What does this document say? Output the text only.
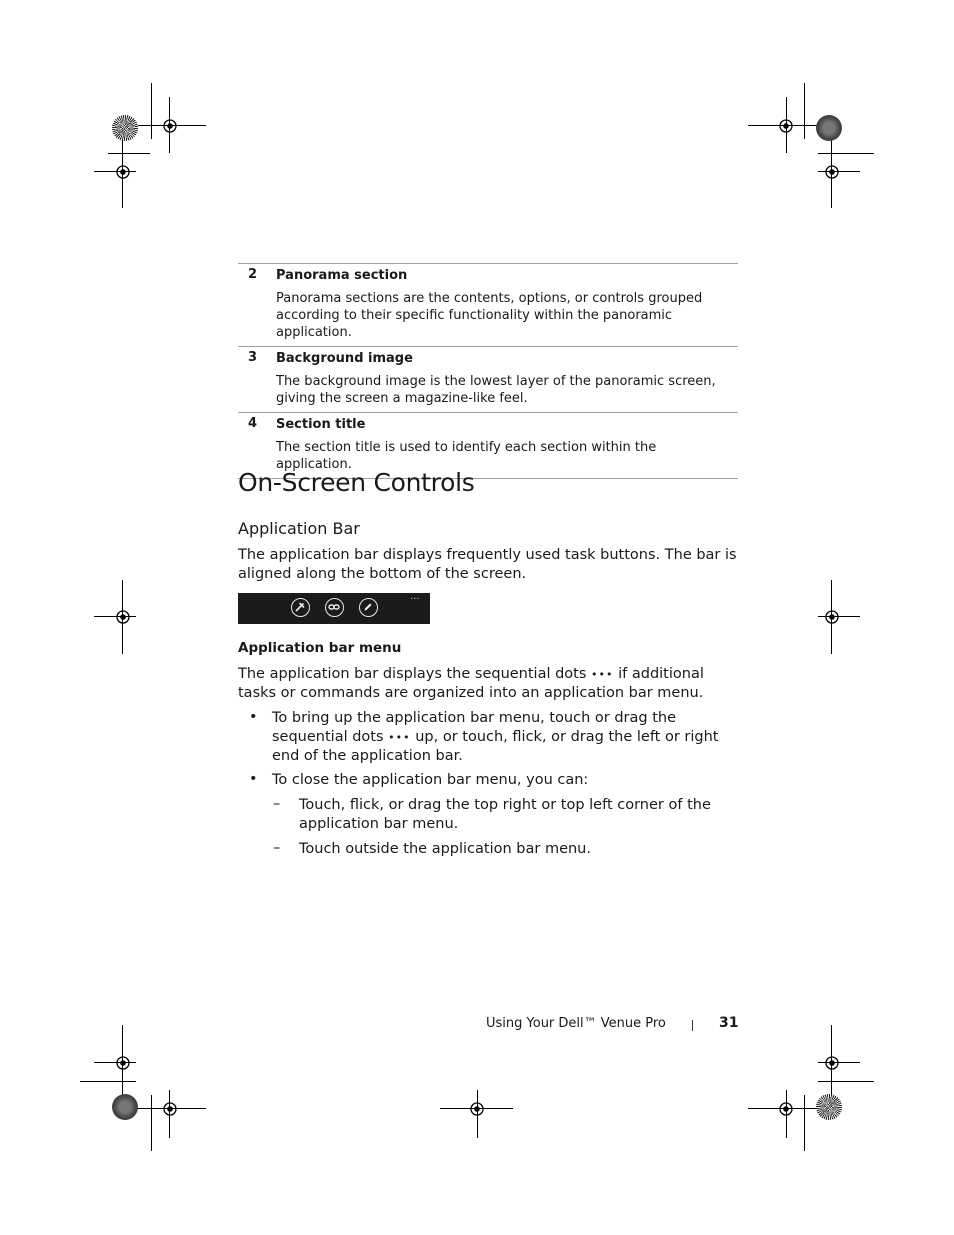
2 Panorama section
Panorama sections are the contents, options, or controls grouped according to their specific functionality within the panoramic application.
3 Background image
The background image is the lowest layer of the panoramic screen, giving the screen a magazine-like feel.
4 Section title
The section title is used to identify each section within the application.
On-Screen Controls
Application Bar
The application bar displays frequently used task buttons. The bar is aligned along the bottom of the screen.
···
Application bar menu
The application bar displays the sequential dots ••• if additional tasks or commands are organized into an application bar menu.
• To bring up the application bar menu, touch or drag the sequential dots ••• up, or touch, flick, or drag the left or right end of the application bar.
• To close the application bar menu, you can:
– Touch, flick, or drag the top right or top left corner of the application bar menu.
– Touch outside the application bar menu.
Using Your Dell™ Venue Pro	31
